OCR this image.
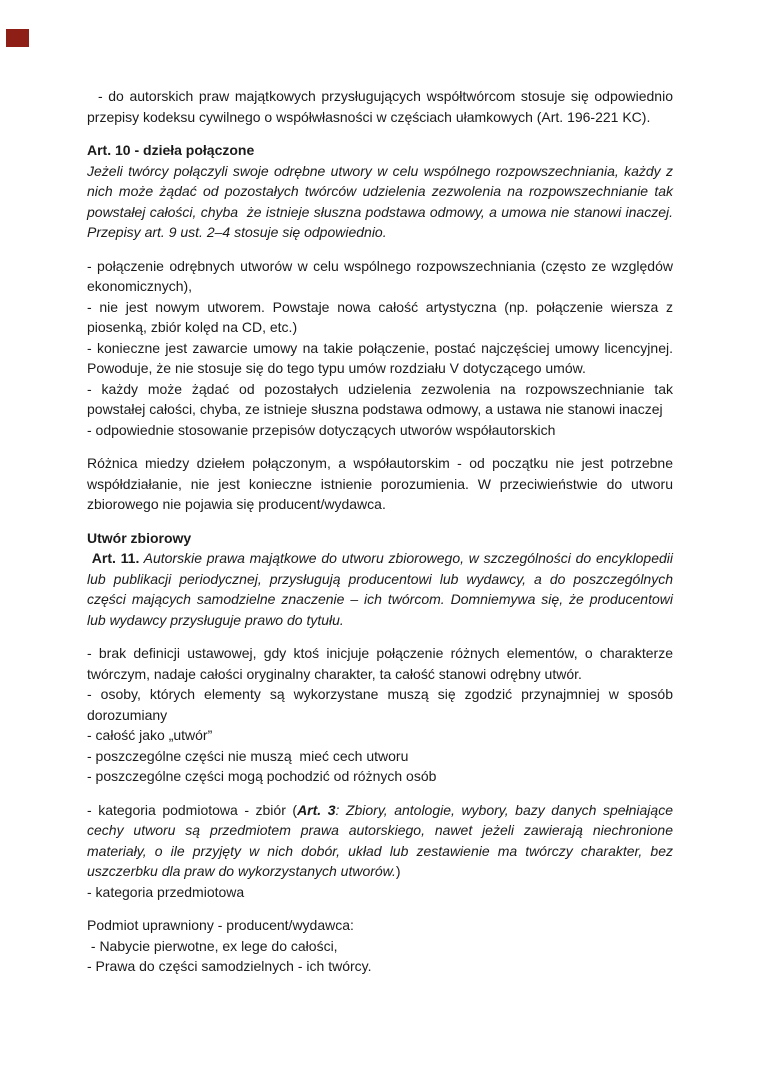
- do autorskich praw majątkowych przysługujących współtwórcom stosuje się odpowiednio przepisy kodeksu cywilnego o współwłasności w częściach ułamkowych (Art. 196-221 KC).

Art. 10 - dzieła połączone

Jeżeli twórcy połączyli swoje odrębne utwory w celu wspólnego rozpowszechniania, każdy z nich może żądać od pozostałych twórców udzielenia zezwolenia na rozpowszechnianie tak powstałej całości, chyba  że istnieje słuszna podstawa odmowy, a umowa nie stanowi inaczej. Przepisy art. 9 ust. 2–4 stosuje się odpowiednio.

- połączenie odrębnych utworów w celu wspólnego rozpowszechniania (często ze względów ekonomicznych),

- nie jest nowym utworem. Powstaje nowa całość artystyczna (np. połączenie wiersza z piosenką, zbiór kolęd na CD, etc.)

- konieczne jest zawarcie umowy na takie połączenie, postać najczęściej umowy licencyjnej. Powoduje, że nie stosuje się do tego typu umów rozdziału V dotyczącego umów.

- każdy może żądać od pozostałych udzielenia zezwolenia na rozpowszechnianie tak powstałej całości, chyba, ze istnieje słuszna podstawa odmowy, a ustawa nie stanowi inaczej

- odpowiednie stosowanie przepisów dotyczących utworów współautorskich

Różnica miedzy dziełem połączonym, a współautorskim - od początku nie jest potrzebne współdziałanie, nie jest konieczne istnienie porozumienia. W przeciwieństwie do utworu zbiorowego nie pojawia się producent/wydawca.

Utwór zbiorowy

Art. 11. Autorskie prawa majątkowe do utworu zbiorowego, w szczególności do encyklopedii lub publikacji periodycznej, przysługują producentowi lub wydawcy, a do poszczególnych części mających samodzielne znaczenie – ich twórcom. Domniemywa się, że producentowi lub wydawcy przysługuje prawo do tytułu.

- brak definicji ustawowej, gdy ktoś inicjuje połączenie różnych elementów, o charakterze twórczym, nadaje całości oryginalny charakter, ta całość stanowi odrębny utwór.

- osoby, których elementy są wykorzystane muszą się zgodzić przynajmniej w sposób dorozumiany

- całość jako „utwór”

- poszczególne części nie muszą  mieć cech utworu

- poszczególne części mogą pochodzić od różnych osób

- kategoria podmiotowa - zbiór (Art. 3: Zbiory, antologie, wybory, bazy danych spełniające cechy utworu są przedmiotem prawa autorskiego, nawet jeżeli zawierają niechronione materiały, o ile przyjęty w nich dobór, układ lub zestawienie ma twórczy charakter, bez uszczerbku dla praw do wykorzystanych utworów.)

- kategoria przedmiotowa

Podmiot uprawniony - producent/wydawca:

- Nabycie pierwotne, ex lege do całości,

- Prawa do części samodzielnych - ich twórcy.
